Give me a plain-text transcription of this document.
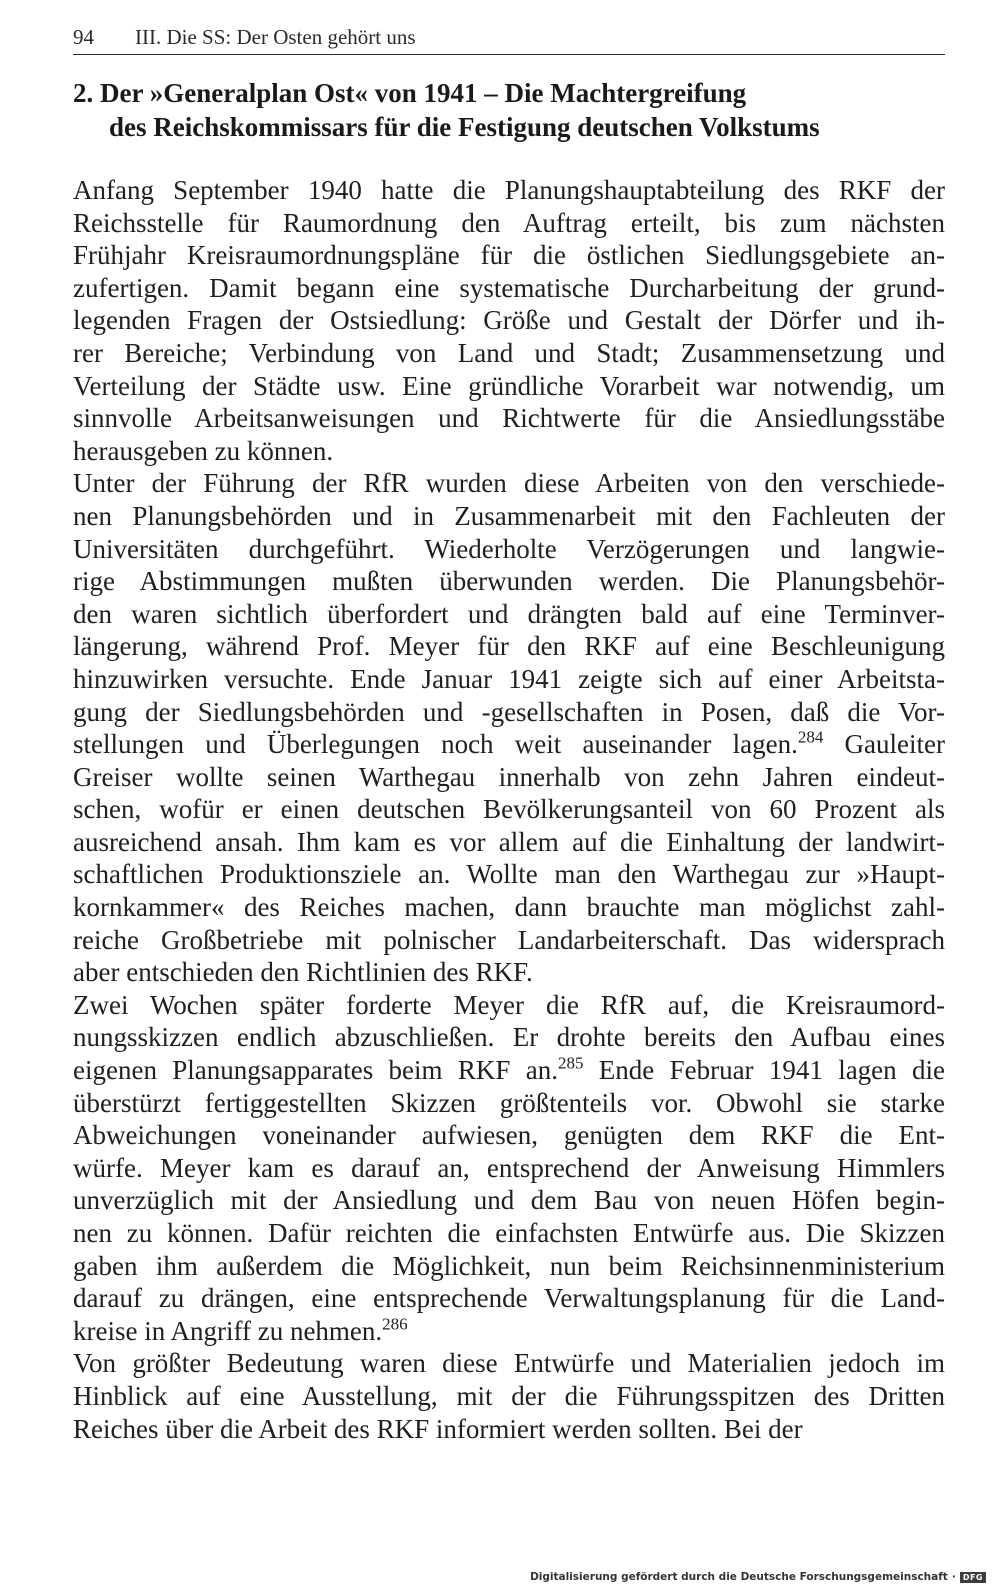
94 III. Die SS: Der Osten gehört uns
2. Der »Generalplan Ost« von 1941 – Die Machtergreifung
des Reichskommissars für die Festigung deutschen Volkstums

Anfang September 1940 hatte die Planungshauptabteilung des RKF der
Reichsstelle für Raumordnung den Auftrag erteilt, bis zum nächsten
Frühjahr Kreisraumordnungspläne für die östlichen Siedlungsgebiete an-
zufertigen. Damit begann eine systematische Durcharbeitung der grund-
legenden Fragen der Ostsiedlung: Größe und Gestalt der Dörfer und ih-
rer Bereiche; Verbindung von Land und Stadt; Zusammensetzung und
Verteilung der Städte usw. Eine gründliche Vorarbeit war notwendig, um
sinnvolle Arbeitsanweisungen und Richtwerte für die Ansiedlungsstäbe
herausgeben zu können.

Unter der Führung der RfR wurden diese Arbeiten von den verschiede-
nen Planungsbehörden und in Zusammenarbeit mit den Fachleuten der
Universitäten durchgeführt. Wiederholte Verzögerungen und langwie-
rige Abstimmungen mußten überwunden werden. Die Planungsbehör-
den waren sichtlich überfordert und drängten bald auf eine Terminver-
längerung, während Prof. Meyer für den RKF auf eine Beschleunigung
hinzuwirken versuchte. Ende Januar 1941 zeigte sich auf einer Arbeitsta-
gung der Siedlungsbehörden und -gesellschaften in Posen, daß die Vor-
stellungen und Überlegungen noch weit auseinander lagen.$^{284}$ Gauleiter
Greiser wollte seinen Warthegau innerhalb von zehn Jahren eindeut-
schen, wofür er einen deutschen Bevölkerungsanteil von 60 Prozent als
ausreichend ansah. Ihm kam es vor allem auf die Einhaltung der landwirt-
schaftlichen Produktionsziele an. Wollte man den Warthegau zur »Haupt-
kornkammer« des Reiches machen, dann brauchte man möglichst zahl-
reiche Großbetriebe mit polnischer Landarbeiterschaft. Das widersprach
aber entschieden den Richtlinien des RKF.

Zwei Wochen später forderte Meyer die RfR auf, die Kreisraumord-
nungsskizzen endlich abzuschließen. Er drohte bereits den Aufbau eines
eigenen Planungsapparates beim RKF an.$^{285}$ Ende Februar 1941 lagen die
überstürzt fertiggestellten Skizzen größtenteils vor. Obwohl sie starke
Abweichungen voneinander aufwiesen, genügten dem RKF die Ent-
würfe. Meyer kam es darauf an, entsprechend der Anweisung Himmlers
unverzüglich mit der Ansiedlung und dem Bau von neuen Höfen begin-
nen zu können. Dafür reichten die einfachsten Entwürfe aus. Die Skizzen
gaben ihm außerdem die Möglichkeit, nun beim Reichsinnenministerium
darauf zu drängen, eine entsprechende Verwaltungsplanung für die Land-
kreise in Angriff zu nehmen.$^{286}$

Von größter Bedeutung waren diese Entwürfe und Materialien jedoch im
Hinblick auf eine Ausstellung, mit der die Führungsspitzen des Dritten
Reiches über die Arbeit des RKF informiert werden sollten. Bei der

Digitalisierung gefördert durch die Deutsche Forschungsgemeinschaft · DFG
